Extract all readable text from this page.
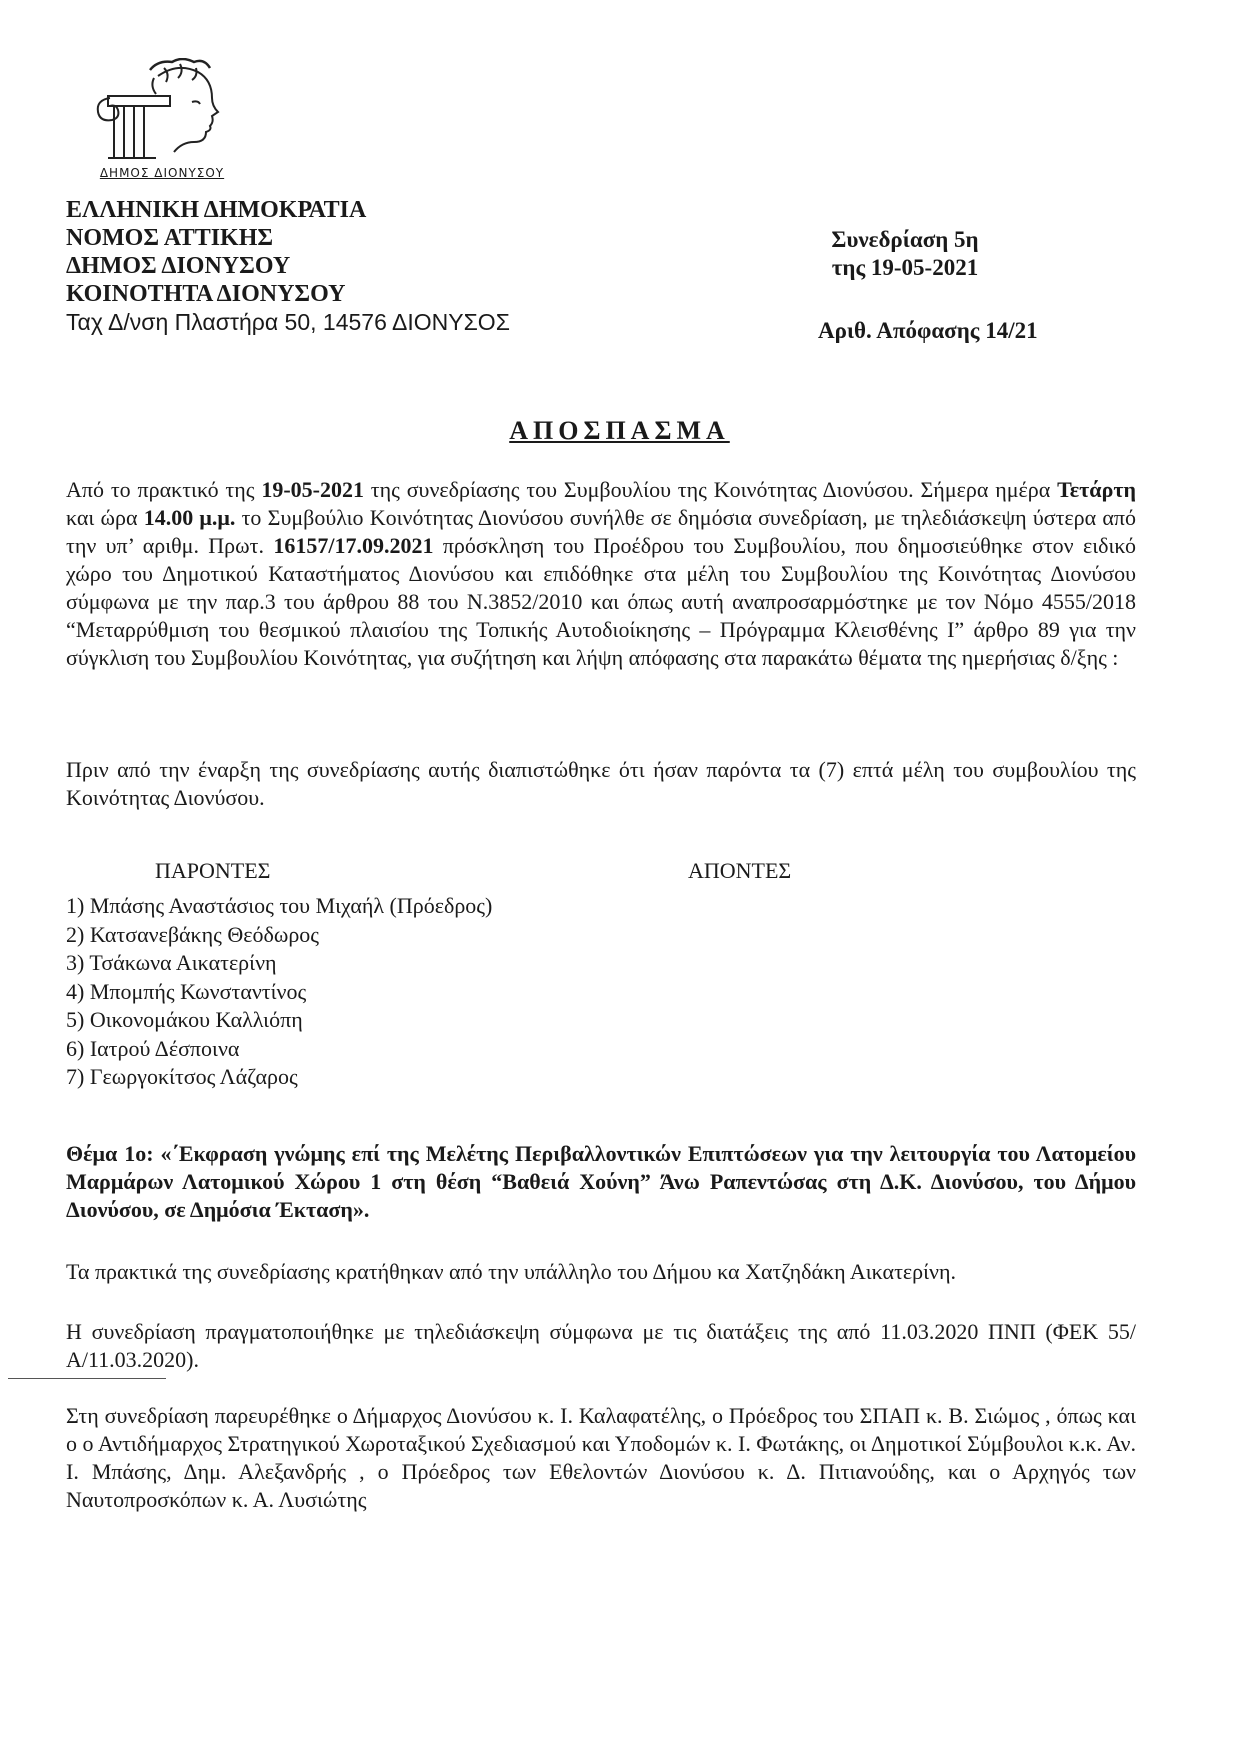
ΔΗΜΟΣ ΔΙΟΝΥΣΟΥ
ΕΛΛΗΝΙΚΗ ΔΗΜΟΚΡΑΤΙΑ
ΝΟΜΟΣ ΑΤΤΙΚΗΣ
ΔΗΜΟΣ ΔΙΟΝΥΣΟΥ
ΚΟΙΝΟΤΗΤΑ ΔΙΟΝΥΣΟΥ
Ταχ Δ/νση Πλαστήρα 50, 14576 ΔΙΟΝΥΣΟΣ
Συνεδρίαση 5η
της 19-05-2021
Αριθ. Απόφασης 14/21
ΑΠΟΣΠΑΣΜΑ

Από το πρακτικό της 19-05-2021 της συνεδρίασης του Συμβουλίου της Κοινότητας Διονύσου. Σήμερα ημέρα Τετάρτη και ώρα 14.00 μ.μ. το Συμβούλιο Κοινότητας Διονύσου συνήλθε σε δημόσια συνεδρίαση, με τηλεδιάσκεψη ύστερα από την υπ’ αριθμ. Πρωτ. 16157/17.09.2021 πρόσκληση του Προέδρου του Συμβουλίου, που δημοσιεύθηκε στον ειδικό χώρο του Δημοτικού Καταστήματος Διονύσου και επιδόθηκε στα μέλη του Συμβουλίου της Κοινότητας Διονύσου σύμφωνα με την παρ.3 του άρθρου 88 του Ν.3852/2010 και όπως αυτή αναπροσαρμόστηκε με τον Νόμο 4555/2018 “Μεταρρύθμιση του θεσμικού πλαισίου της Τοπικής Αυτοδιοίκησης – Πρόγραμμα Κλεισθένης Ι” άρθρο 89 για την σύγκλιση του Συμβουλίου Κοινότητας, για συζήτηση και λήψη απόφασης στα παρακάτω θέματα της ημερήσιας δ/ξης :

Πριν από την έναρξη της συνεδρίασης αυτής διαπιστώθηκε ότι ήσαν παρόντα τα (7) επτά μέλη του συμβουλίου της Κοινότητας Διονύσου.
ΠΑΡΟΝΤΕΣ	ΑΠΟΝΤΕΣ
1) Μπάσης Αναστάσιος του Μιχαήλ (Πρόεδρος)
2) Κατσανεβάκης Θεόδωρος
3) Τσάκωνα Αικατερίνη
4) Μπομπής Κωνσταντίνος
5) Οικονομάκου Καλλιόπη
6) Ιατρού Δέσποινα
7) Γεωργοκίτσος Λάζαρος
Θέμα 1ο: «΄Εκφραση γνώμης επί της Μελέτης Περιβαλλοντικών Επιπτώσεων για την λειτουργία του Λατομείου Μαρμάρων Λατομικού Χώρου 1 στη θέση “Βαθειά Χούνη” Άνω Ραπεντώσας στη Δ.Κ. Διονύσου, του Δήμου Διονύσου, σε Δημόσια Έκταση».
Τα πρακτικά της συνεδρίασης κρατήθηκαν από την υπάλληλο του Δήμου κα Χατζηδάκη Αικατερίνη.
Η συνεδρίαση πραγματοποιήθηκε με τηλεδιάσκεψη σύμφωνα με τις διατάξεις της από 11.03.2020 ΠΝΠ (ΦΕΚ 55/Α/11.03.2020).
Στη συνεδρίαση παρευρέθηκε ο Δήμαρχος Διονύσου κ. Ι. Καλαφατέλης, ο Πρόεδρος του ΣΠΑΠ κ. Β. Σιώμος , όπως και ο ο Αντιδήμαρχος Στρατηγικού Χωροταξικού Σχεδιασμού και Υποδομών κ. Ι. Φωτάκης, οι Δημοτικοί Σύμβουλοι κ.κ. Αν. Ι. Μπάσης, Δημ. Αλεξανδρής , ο Πρόεδρος των Εθελοντών Διονύσου κ. Δ. Πιτιανούδης, και ο Αρχηγός των Ναυτοπροσκόπων κ. Α. Λυσιώτης
